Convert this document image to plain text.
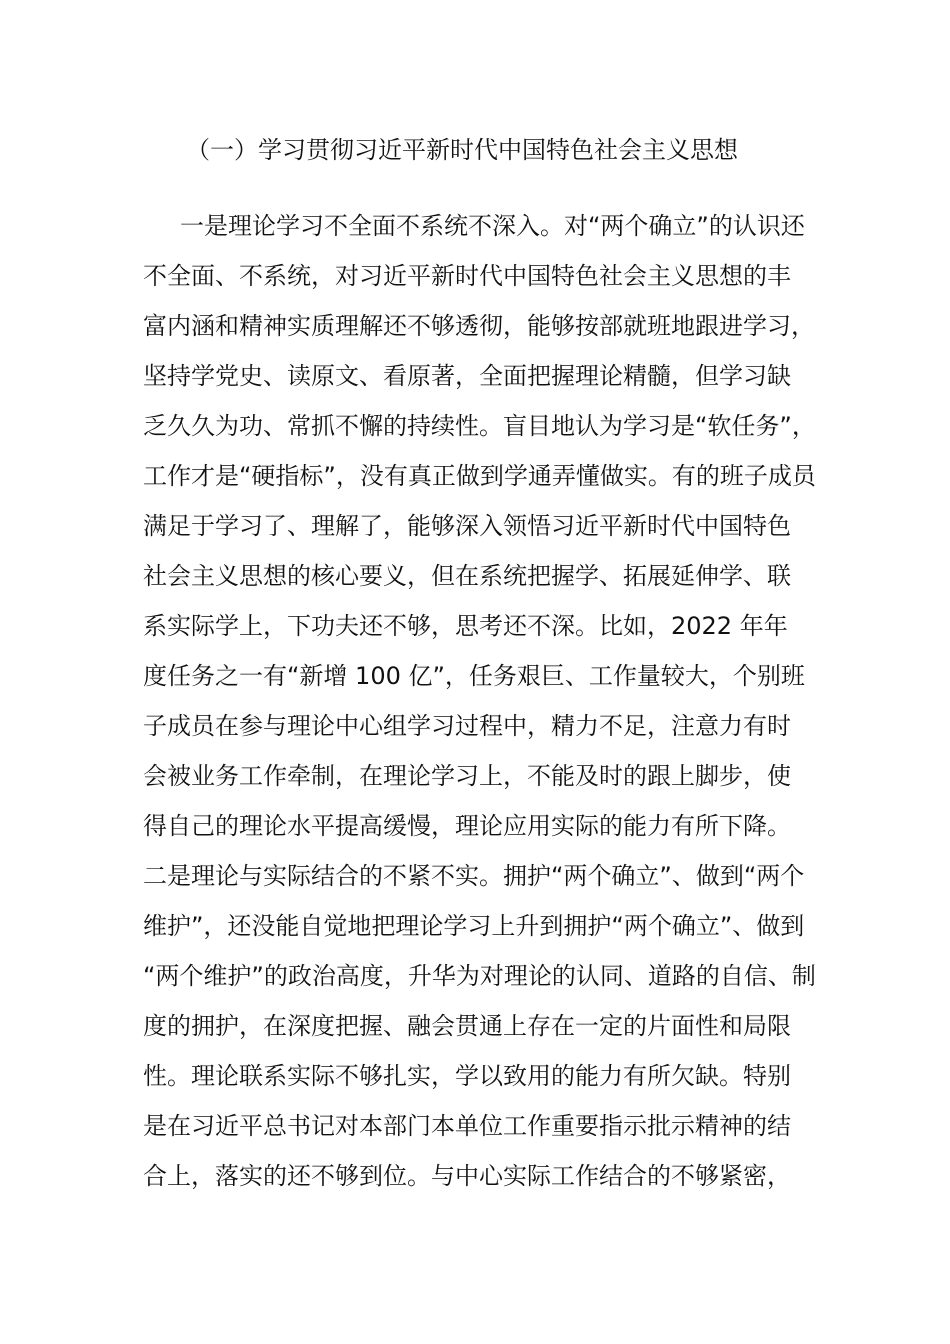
（一）学习贯彻习近平新时代中国特色社会主义思想
一是理论学习不全面不系统不深入。对“两个确立”的认识还
不全面、不系统，对习近平新时代中国特色社会主义思想的丰
富内涵和精神实质理解还不够透彻，能够按部就班地跟进学习，
坚持学党史、读原文、看原著，全面把握理论精髓，但学习缺
乏久久为功、常抓不懈的持续性。盲目地认为学习是“软任务”，
工作才是“硬指标”，没有真正做到学通弄懂做实。有的班子成员
满足于学习了、理解了，能够深入领悟习近平新时代中国特色
社会主义思想的核心要义，但在系统把握学、拓展延伸学、联
系实际学上，下功夫还不够，思考还不深。比如，2022 年年
度任务之一有“新增 100 亿”，任务艰巨、工作量较大，个别班
子成员在参与理论中心组学习过程中，精力不足，注意力有时
会被业务工作牵制，在理论学习上，不能及时的跟上脚步，使
得自己的理论水平提高缓慢，理论应用实际的能力有所下降。
二是理论与实际结合的不紧不实。拥护“两个确立”、做到“两个
维护”，还没能自觉地把理论学习上升到拥护“两个确立”、做到
“两个维护”的政治高度，升华为对理论的认同、道路的自信、制
度的拥护，在深度把握、融会贯通上存在一定的片面性和局限
性。理论联系实际不够扎实，学以致用的能力有所欠缺。特别
是在习近平总书记对本部门本单位工作重要指示批示精神的结
合上，落实的还不够到位。与中心实际工作结合的不够紧密，
